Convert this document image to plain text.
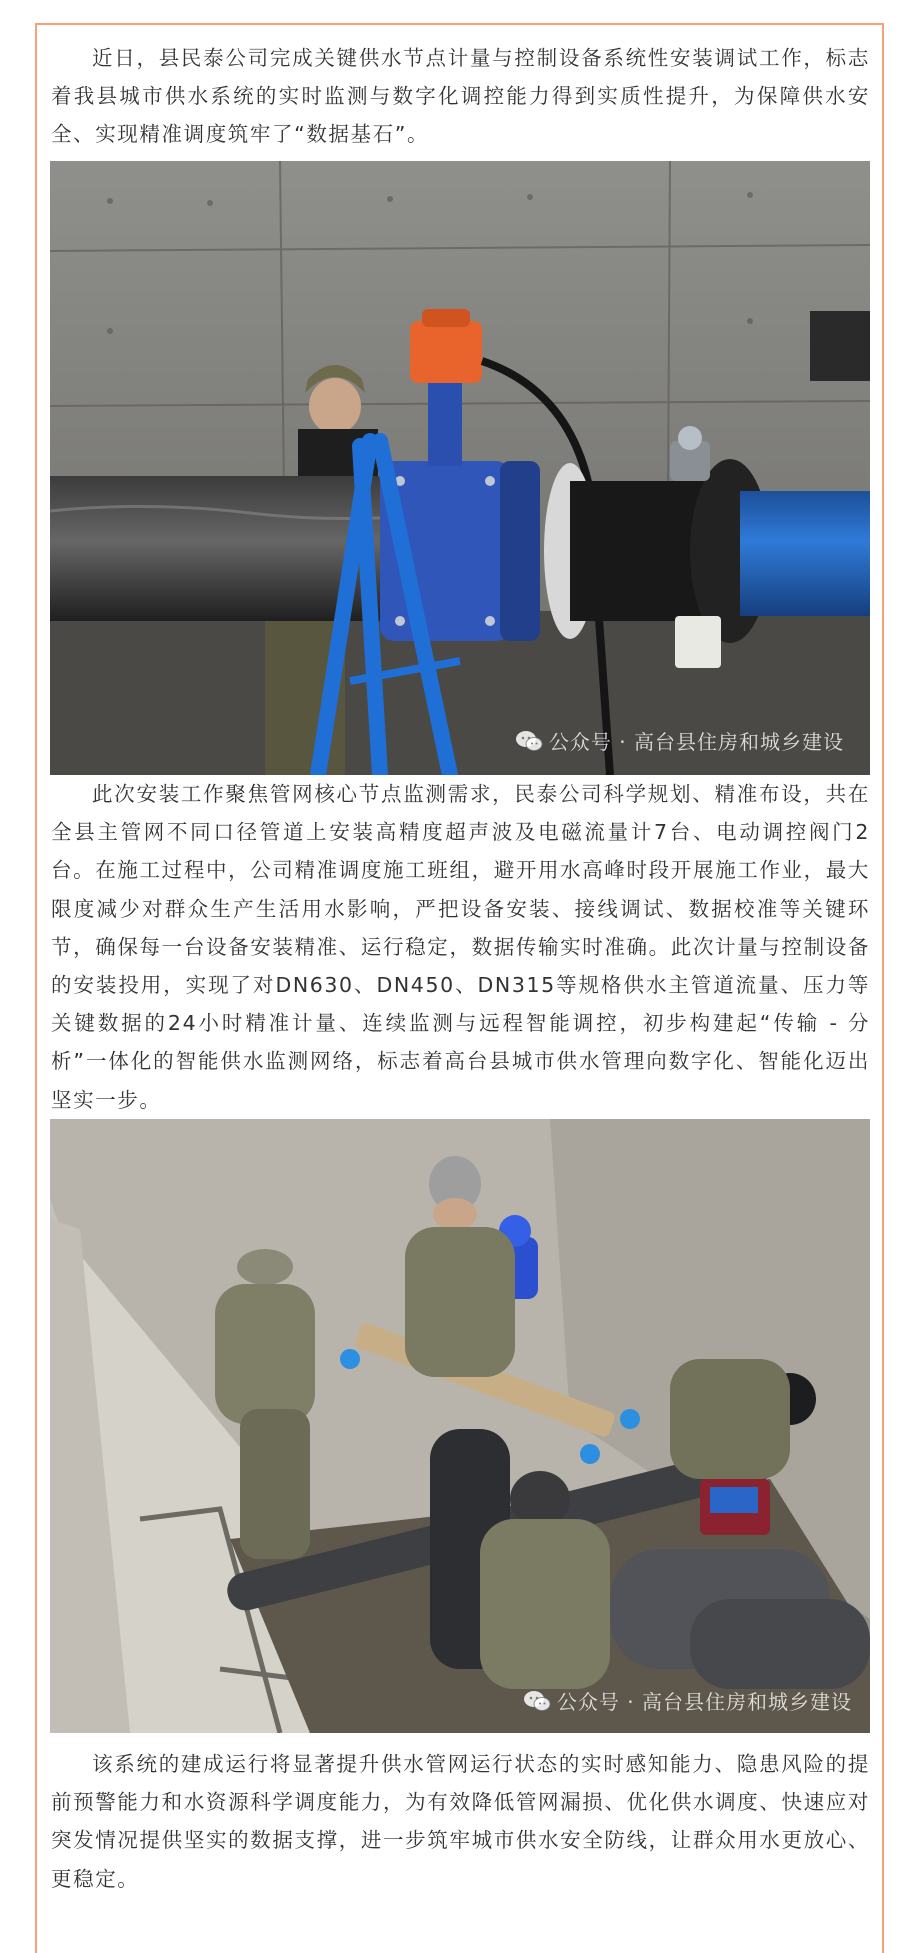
近日，县民泰公司完成关键供水节点计量与控制设备系统性安装调试工作，标志着我县城市供水系统的实时监测与数字化调控能力得到实质性提升，为保障供水安全、实现精准调度筑牢了“数据基石”。

公众号 · 高台县住房和城乡建设

此次安装工作聚焦管网核心节点监测需求，民泰公司科学规划、精准布设，共在全县主管网不同口径管道上安装高精度超声波及电磁流量计7台、电动调控阀门2台。在施工过程中，公司精准调度施工班组，避开用水高峰时段开展施工作业，最大限度减少对群众生产生活用水影响，严把设备安装、接线调试、数据校准等关键环节，确保每一台设备安装精准、运行稳定，数据传输实时准确。此次计量与控制设备的安装投用，实现了对DN630、DN450、DN315等规格供水主管道流量、压力等关键数据的24小时精准计量、连续监测与远程智能调控，初步构建起“传输 - 分析”一体化的智能供水监测网络，标志着高台县城市供水管理向数字化、智能化迈出坚实一步。

公众号 · 高台县住房和城乡建设

该系统的建成运行将显著提升供水管网运行状态的实时感知能力、隐患风险的提前预警能力和水资源科学调度能力，为有效降低管网漏损、优化供水调度、快速应对突发情况提供坚实的数据支撑，进一步筑牢城市供水安全防线，让群众用水更放心、更稳定。
